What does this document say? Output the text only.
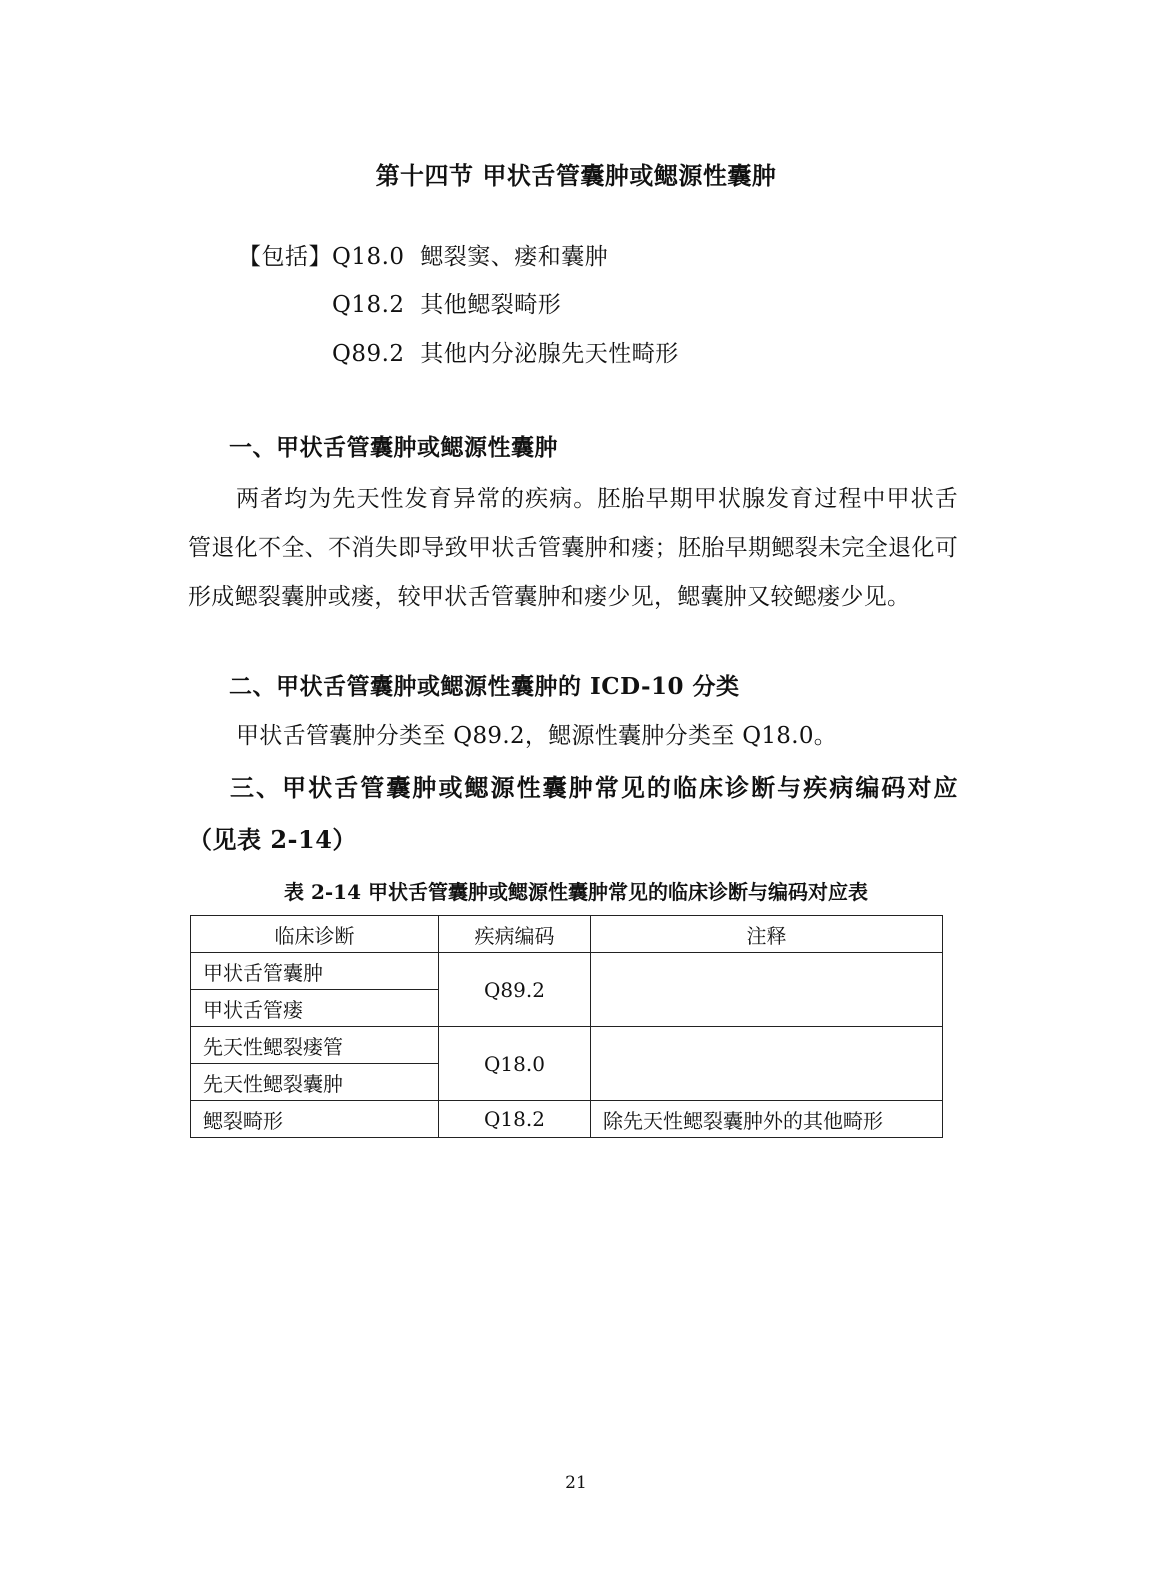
第十四节 甲状舌管囊肿或鳃源性囊肿
【包括】 Q18.0 鳃裂窦、瘘和囊肿
Q18.2 其他鳃裂畸形
Q89.2 其他内分泌腺先天性畸形
一、甲状舌管囊肿或鳃源性囊肿
两者均为先天性发育异常的疾病。胚胎早期甲状腺发育过程中甲状舌管退化不全、不消失即导致甲状舌管囊肿和瘘；胚胎早期鳃裂未完全退化可形成鳃裂囊肿或瘘，较甲状舌管囊肿和瘘少见，鳃囊肿又较鳃瘘少见。
二、甲状舌管囊肿或鳃源性囊肿的 ICD-10 分类
甲状舌管囊肿分类至 Q89.2，鳃源性囊肿分类至 Q18.0。
三、甲状舌管囊肿或鳃源性囊肿常见的临床诊断与疾病编码对应（见表 2-14）
表 2-14 甲状舌管囊肿或鳃源性囊肿常见的临床诊断与编码对应表
临床诊断	疾病编码	注释
甲状舌管囊肿	Q89.2	
甲状舌管瘘		
先天性鳃裂瘘管	Q18.0	
先天性鳃裂囊肿		
鳃裂畸形	Q18.2	除先天性鳃裂囊肿外的其他畸形
21
